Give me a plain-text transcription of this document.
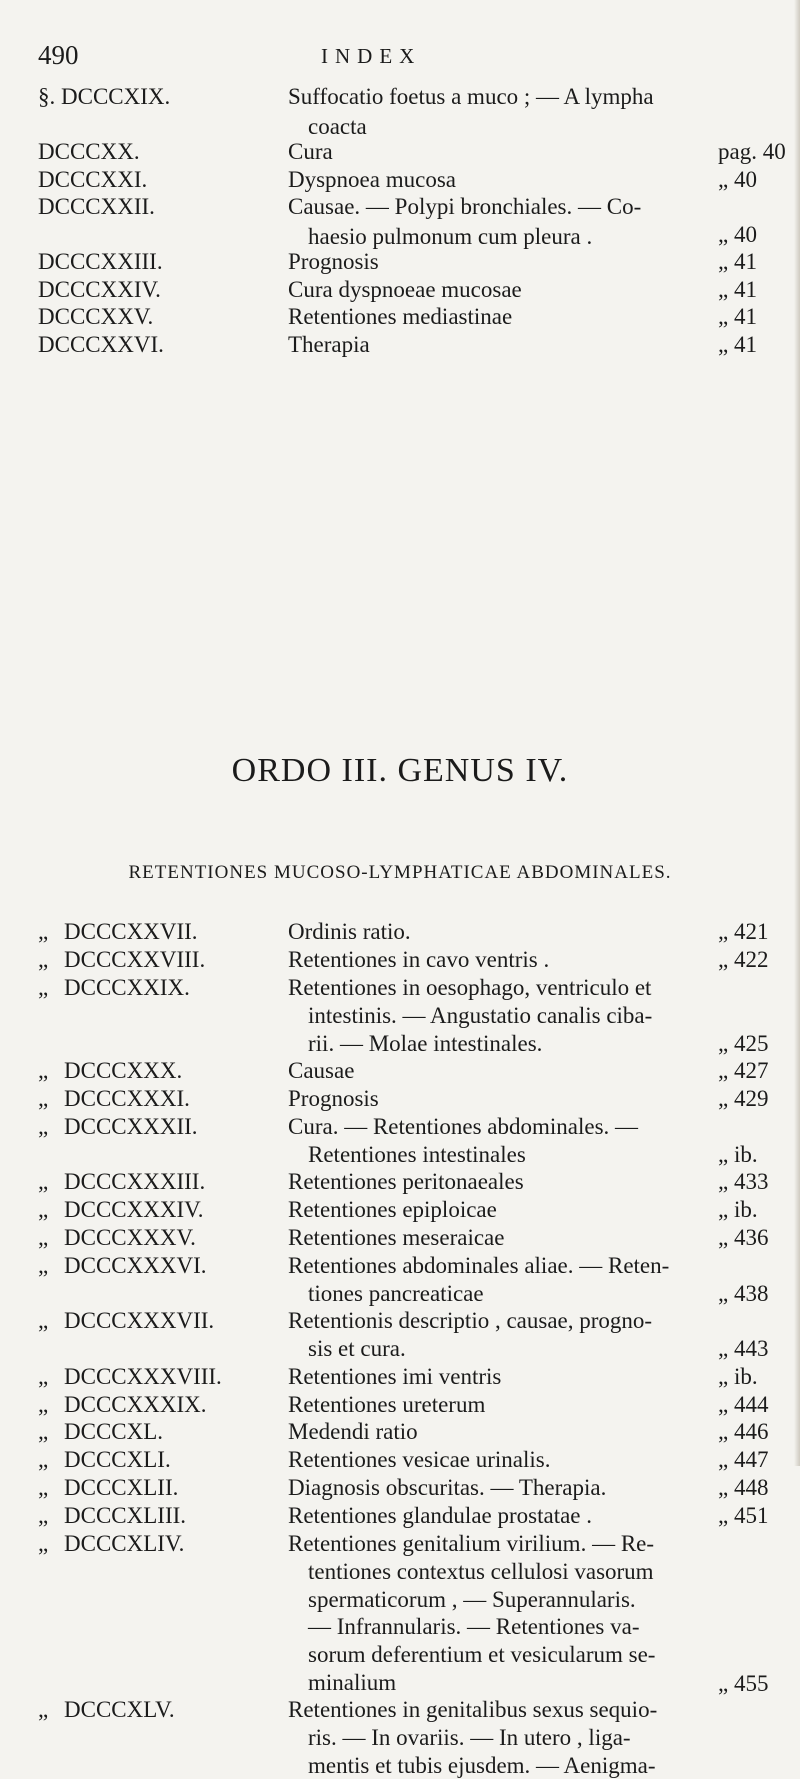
490	INDEX
§. DCCCXIX.	Suffocatio foetus a muco ; — A lympha
coacta
DCCCXX.	Cura	pag. 40
DCCCXXI.	Dyspnoea mucosa	„ 40
DCCCXXII.	Causae. — Polypi bronchiales. — Co-
haesio pulmonum cum pleura .	„ 40
DCCCXXIII.	Prognosis	„ 41
DCCCXXIV.	Cura dyspnoeae mucosae	„ 41
DCCCXXV.	Retentiones mediastinae	„ 41
DCCCXXVI.	Therapia	„ 41
ORDO III. GENUS IV.
RETENTIONES MUCOSO-LYMPHATICAE ABDOMINALES.
„ DCCCXXVII.	Ordinis ratio.	„ 421
„ DCCCXXVIII.	Retentiones in cavo ventris .	„ 422
„ DCCCXXIX.	Retentiones in oesophago, ventriculo et
intestinis. — Angustatio canalis ciba-
rii. — Molae intestinales.	„ 425
„ DCCCXXX.	Causae	„ 427
„ DCCCXXXI.	Prognosis	„ 429
„ DCCCXXXII.	Cura. — Retentiones abdominales. —
Retentiones intestinales	„ ib.
„ DCCCXXXIII.	Retentiones peritonaeales	„ 433
„ DCCCXXXIV.	Retentiones epiploicae	„ ib.
„ DCCCXXXV.	Retentiones meseraicae	„ 436
„ DCCCXXXVI.	Retentiones abdominales aliae. — Reten-
tiones pancreaticae	„ 438
„ DCCCXXXVII.	Retentionis descriptio , causae, progno-
sis et cura.	„ 443
„ DCCCXXXVIII.	Retentiones imi ventris	„ ib.
„ DCCCXXXIX.	Retentiones ureterum	„ 444
„ DCCCXL.	Medendi ratio	„ 446
„ DCCCXLI.	Retentiones vesicae urinalis.	„ 447
„ DCCCXLII.	Diagnosis obscuritas. — Therapia.	„ 448
„ DCCCXLIII.	Retentiones glandulae prostatae .	„ 451
„ DCCCXLIV.	Retentiones genitalium virilium. — Re-
tentiones contextus cellulosi vasorum
spermaticorum , — Superannularis.
— Infrannularis. — Retentiones va-
sorum deferentium et vesicularum se-
minalium	„ 455
„ DCCCXLV.	Retentiones in genitalibus sexus sequio-
ris. — In ovariis. — In utero , liga-
mentis et tubis ejusdem. — Aenigma-
